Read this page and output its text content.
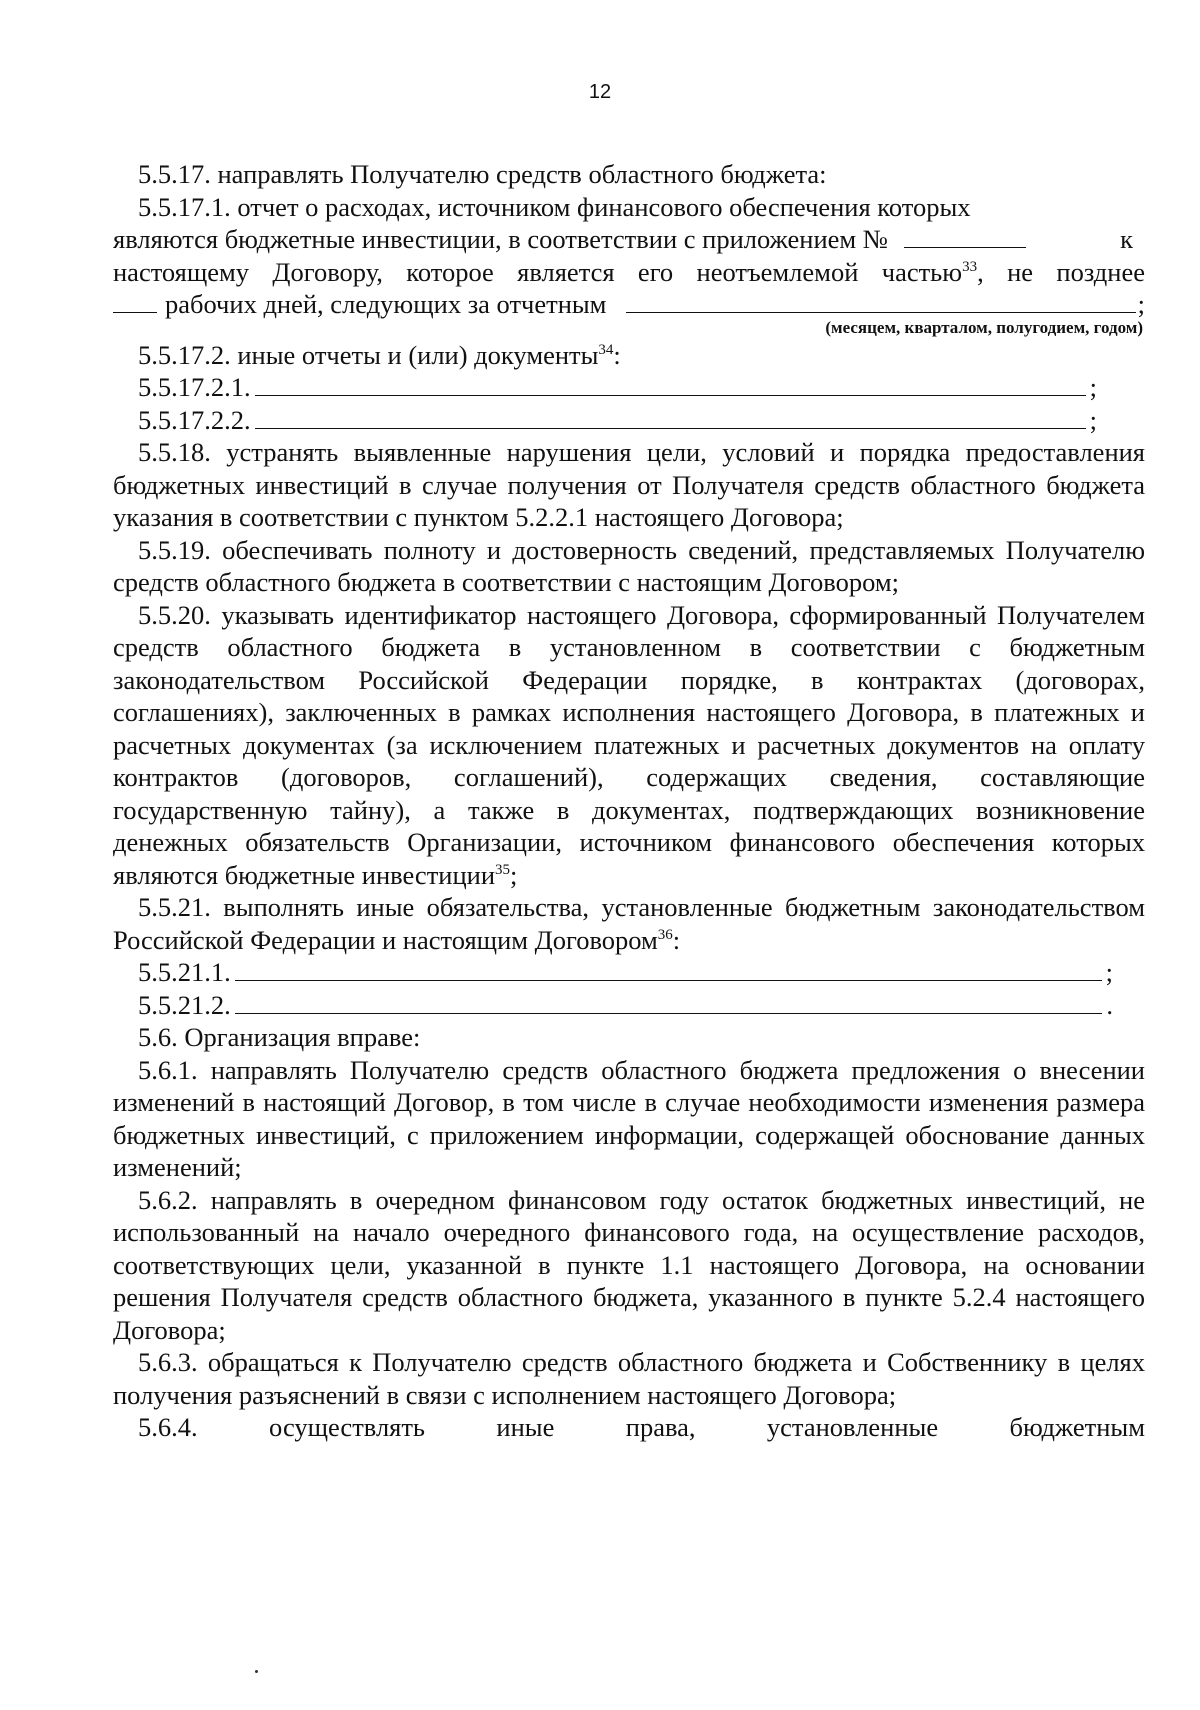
12

5.5.17. направлять Получателю средств областного бюджета:

5.5.17.1. отчет о расходах, источником финансового обеспечения которых

являются бюджетные инвестиции, в соответствии с приложением №	к

настоящему Договору, которое является его неотъемлемой частью$^{33}$, не позднее

рабочих дней, следующих за отчетным	;

(месяцем, кварталом, полугодием, годом)

5.5.17.2. иные отчеты и (или) документы$^{34}$:

5.5.17.2.1.	;
5.5.17.2.2.	;

5.5.18. устранять выявленные нарушения цели, условий и порядка предоставления бюджетных инвестиций в случае получения от Получателя средств областного бюджета указания в соответствии с пунктом 5.2.2.1 настоящего Договора;

5.5.19. обеспечивать полноту и достоверность сведений, представляемых Получателю средств областного бюджета в соответствии с настоящим Договором;

5.5.20. указывать идентификатор настоящего Договора, сформированный Получателем средств областного бюджета в установленном в соответствии с бюджетным законодательством Российской Федерации порядке, в контрактах (договорах, соглашениях), заключенных в рамках исполнения настоящего Договора, в платежных и расчетных документах (за исключением платежных и расчетных документов на оплату контрактов (договоров, соглашений), содержащих сведения, составляющие государственную тайну), а также в документах, подтверждающих возникновение денежных обязательств Организации, источником финансового обеспечения которых являются бюджетные инвестиции$^{35}$;

5.5.21. выполнять иные обязательства, установленные бюджетным законодательством Российской Федерации и настоящим Договором$^{36}$:

5.5.21.1.	;
5.5.21.2.	.

5.6. Организация вправе:

5.6.1. направлять Получателю средств областного бюджета предложения о внесении изменений в настоящий Договор, в том числе в случае необходимости изменения размера бюджетных инвестиций, с приложением информации, содержащей обоснование данных изменений;

5.6.2. направлять в очередном финансовом году остаток бюджетных инвестиций, не использованный на начало очередного финансового года, на осуществление расходов, соответствующих цели, указанной в пункте 1.1 настоящего Договора, на основании решения Получателя средств областного бюджета, указанного в пункте 5.2.4 настоящего Договора;

5.6.3. обращаться к Получателю средств областного бюджета и Собственнику в целях получения разъяснений в связи с исполнением настоящего Договора;

5.6.4. осуществлять иные права, установленные бюджетным
